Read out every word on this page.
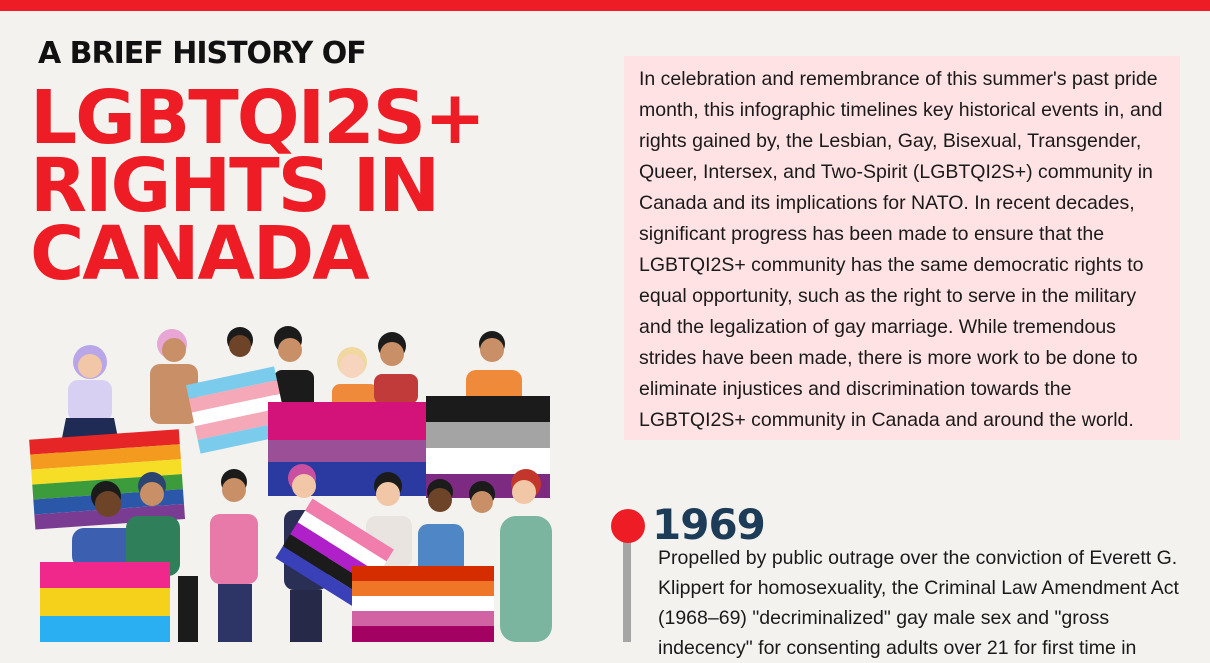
A BRIEF HISTORY OF
LGBTQI2S+
RIGHTS IN
CANADA

In celebration and remembrance of this summer's past pride month, this infographic timelines key historical events in, and rights gained by, the Lesbian, Gay, Bisexual, Transgender, Queer, Intersex, and Two-Spirit (LGBTQI2S+) community in Canada and its implications for NATO. In recent decades, significant progress has been made to ensure that the LGBTQI2S+ community has the same democratic rights to equal opportunity, such as the right to serve in the military and the legalization of gay marriage. While tremendous strides have been made, there is more work to be done to eliminate injustices and discrimination towards the LGBTQI2S+ community in Canada and around the world.

1969

Propelled by public outrage over the conviction of Everett G. Klippert for homosexuality, the Criminal Law Amendment Act (1968–69) "decriminalized" gay male sex and "gross indecency" for consenting adults over 21 for first time in
